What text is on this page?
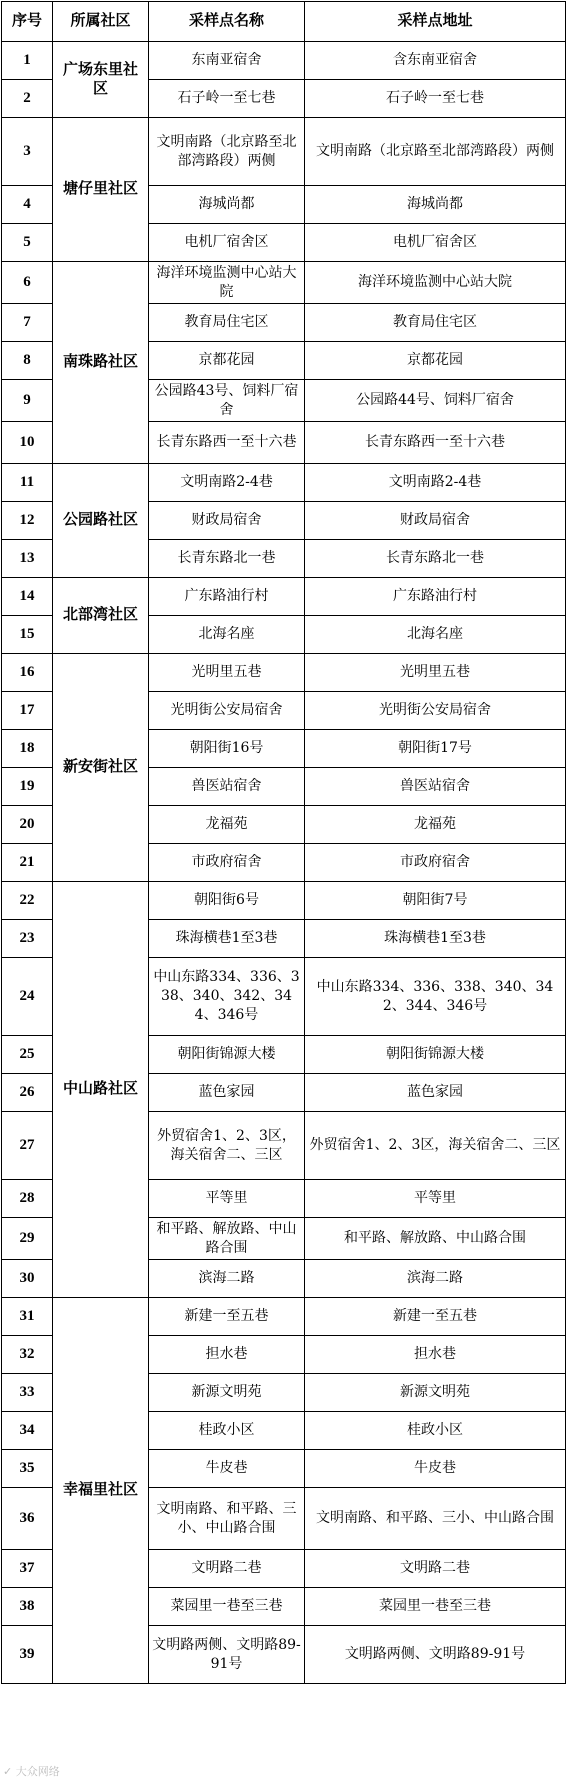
序号	所属社区	采样点名称	采样点地址
1	广场东里社区	东南亚宿舍	含东南亚宿舍
2		石子岭一至七巷	石子岭一至七巷
3	塘仔里社区	文明南路（北京路至北部湾路段）两侧	文明南路（北京路至北部湾路段）两侧
4		海城尚都	海城尚都
5		电机厂宿舍区	电机厂宿舍区
6	南珠路社区	海洋环境监测中心站大院	海洋环境监测中心站大院
7		教育局住宅区	教育局住宅区
8		京都花园	京都花园
9		公园路43号、饲料厂宿舍	公园路44号、饲料厂宿舍
10		长青东路西一至十六巷	长青东路西一至十六巷
11	公园路社区	文明南路2-4巷	文明南路2-4巷
12		财政局宿舍	财政局宿舍
13		长青东路北一巷	长青东路北一巷
14	北部湾社区	广东路油行村	广东路油行村
15		北海名座	北海名座
16	新安街社区	光明里五巷	光明里五巷
17		光明街公安局宿舍	光明街公安局宿舍
18		朝阳街16号	朝阳街17号
19		兽医站宿舍	兽医站宿舍
20		龙福苑	龙福苑
21		市政府宿舍	市政府宿舍
22	中山路社区	朝阳街6号	朝阳街7号
23		珠海横巷1至3巷	珠海横巷1至3巷
24		中山东路334、336、338、340、342、344、346号	中山东路334、336、338、340、342、344、346号
25		朝阳街锦源大楼	朝阳街锦源大楼
26		蓝色家园	蓝色家园
27		外贸宿舍1、2、3区，海关宿舍二、三区	外贸宿舍1、2、3区，海关宿舍二、三区
28		平等里	平等里
29		和平路、解放路、中山路合围	和平路、解放路、中山路合围
30		滨海二路	滨海二路
31	幸福里社区	新建一至五巷	新建一至五巷
32		担水巷	担水巷
33		新源文明苑	新源文明苑
34		桂政小区	桂政小区
35		牛皮巷	牛皮巷
36		文明南路、和平路、三小、中山路合围	文明南路、和平路、三小、中山路合围
37		文明路二巷	文明路二巷
38		菜园里一巷至三巷	菜园里一巷至三巷
39		文明路两侧、文明路89-91号	文明路两侧、文明路89-91号
✓ 大众网络
